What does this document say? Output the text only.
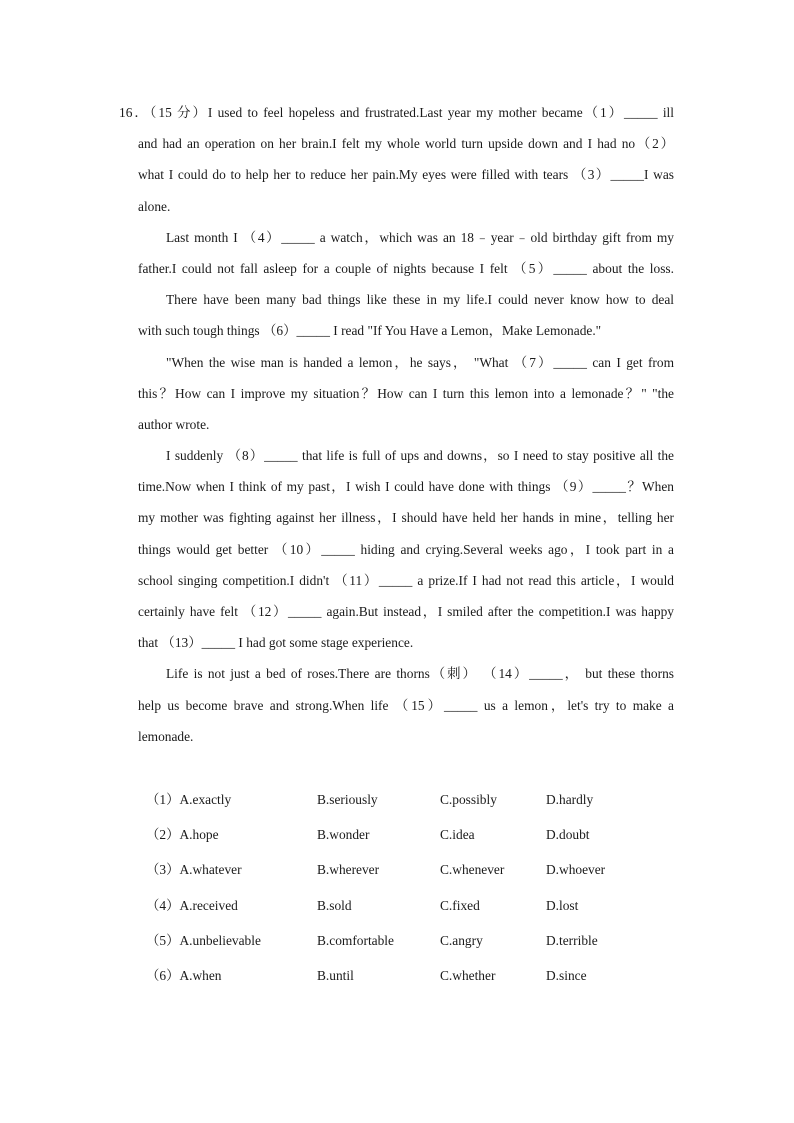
16．（15 分）I used to feel hopeless and frustrated.Last year my mother became（1）_____ ill
and had an operation on her brain.I felt my whole world turn upside down and I had no（2）
what I could do to help her to reduce her pain.My eyes were filled with tears （3）_____I was
alone.
Last month I （4）_____ a watch，which was an 18﹣year﹣old birthday gift from my
father.I could not fall asleep for a couple of nights because I felt （5）_____ about the loss.
There have been many bad things like these in my life.I could never know how to deal
with such tough things （6）_____ I read "If You Have a Lemon，Make Lemonade."
"When the wise man is handed a lemon，he says， "What （7）_____ can I get from
this？How can I improve my situation？How can I turn this lemon into a lemonade？" "the
author wrote.
I suddenly （8）_____ that life is full of ups and downs，so I need to stay positive all the
time.Now when I think of my past，I wish I could have done with things （9）_____？When
my mother was fighting against her illness，I should have held her hands in mine，telling her
things would get better （10）_____ hiding and crying.Several weeks ago，I took part in a
school singing competition.I didn't （11）_____ a prize.If I had not read this article，I would
certainly have felt （12）_____ again.But instead，I smiled after the competition.I was happy
that （13）_____ I had got some stage experience.
Life is not just a bed of roses.There are thorns（刺） （14）_____， but these thorns
help us become brave and strong.When life （15）_____ us a lemon，let's try to make a
lemonade.
（1）A.exactly	B.seriously	C.possibly	D.hardly
（2）A.hope	B.wonder	C.idea	D.doubt
（3）A.whatever	B.wherever	C.whenever	D.whoever
（4）A.received	B.sold	C.fixed	D.lost
（5）A.unbelievable	B.comfortable	C.angry	D.terrible
（6）A.when	B.until	C.whether	D.since
